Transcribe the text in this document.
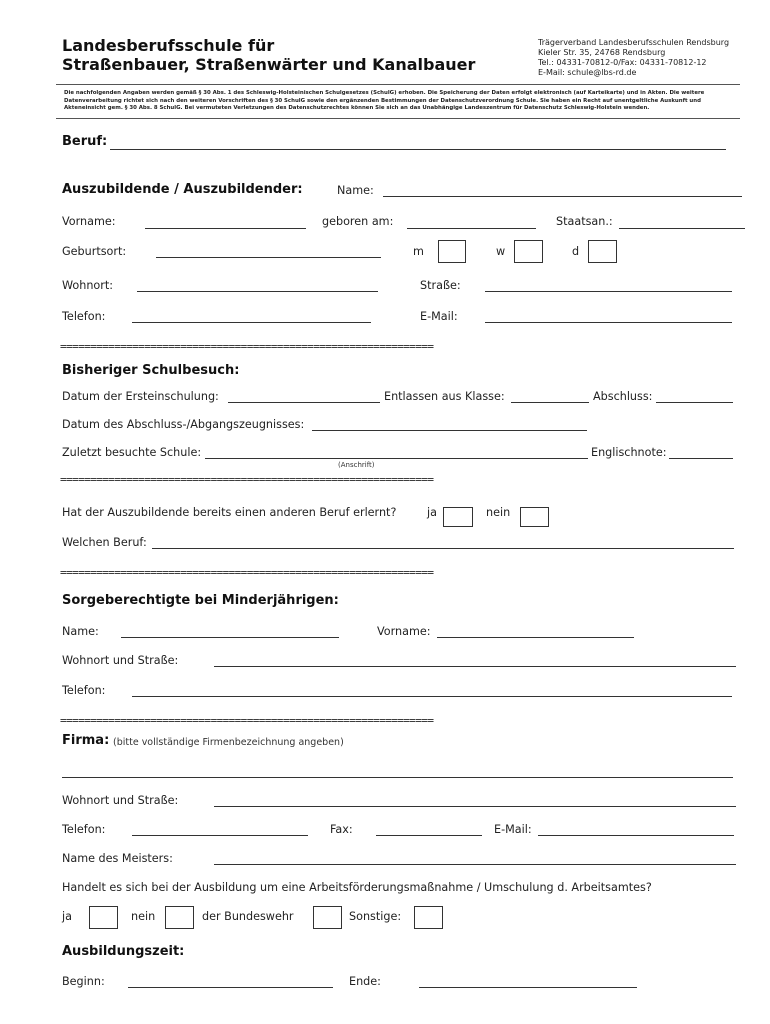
Landesberufsschule für
Straßenbauer, Straßenwärter und Kanalbauer
Trägerverband Landesberufsschulen Rendsburg
Kieler Str. 35, 24768 Rendsburg
Tel.: 04331-70812-0/Fax: 04331-70812-12
E-Mail: schule@lbs-rd.de
Die nachfolgenden Angaben werden gemäß § 30 Abs. 1 des Schleswig-Holsteinischen Schulgesetzes (SchulG) erhoben. Die Speicherung der Daten erfolgt elektronisch (auf Karteikarte) und in Akten. Die weitere Datenverarbeitung richtet sich nach den weiteren Vorschriften des § 30 SchulG sowie den ergänzenden Bestimmungen der Datenschutzverordnung Schule. Sie haben ein Recht auf unentgeltliche Auskunft und Akteneinsicht gem. § 30 Abs. 8 SchulG. Bei vermuteten Verletzungen des Datenschutzrechtes können Sie sich an das Unabhängige Landeszentrum für Datenschutz Schleswig-Holstein wenden.
Beruf:
Auszubildende / Auszubildender:	Name:
Vorname:	geboren am:	Staatsan.:
Geburtsort:	m	w	d
Wohnort:	Straße:
Telefon:	E-Mail:
==============================================================
Bisheriger Schulbesuch:
Datum der Ersteinschulung:	Entlassen aus Klasse:	Abschluss:
Datum des Abschluss-/Abgangszeugnisses:
Zuletzt besuchte Schule:
(Anschrift)
Englischnote:
==============================================================
Hat der Auszubildende bereits einen anderen Beruf erlernt?	ja	nein
Welchen Beruf:
==============================================================
Sorgeberechtigte bei Minderjährigen:
Name:	Vorname:
Wohnort und Straße:
Telefon:
==============================================================
Firma: (bitte vollständige Firmenbezeichnung angeben)
Wohnort und Straße:
Telefon:	Fax:	E-Mail:
Name des Meisters:
Handelt es sich bei der Ausbildung um eine Arbeitsförderungsmaßnahme / Umschulung d. Arbeitsamtes?
ja	nein	der Bundeswehr	Sonstige:
Ausbildungszeit:
Beginn:	Ende:
